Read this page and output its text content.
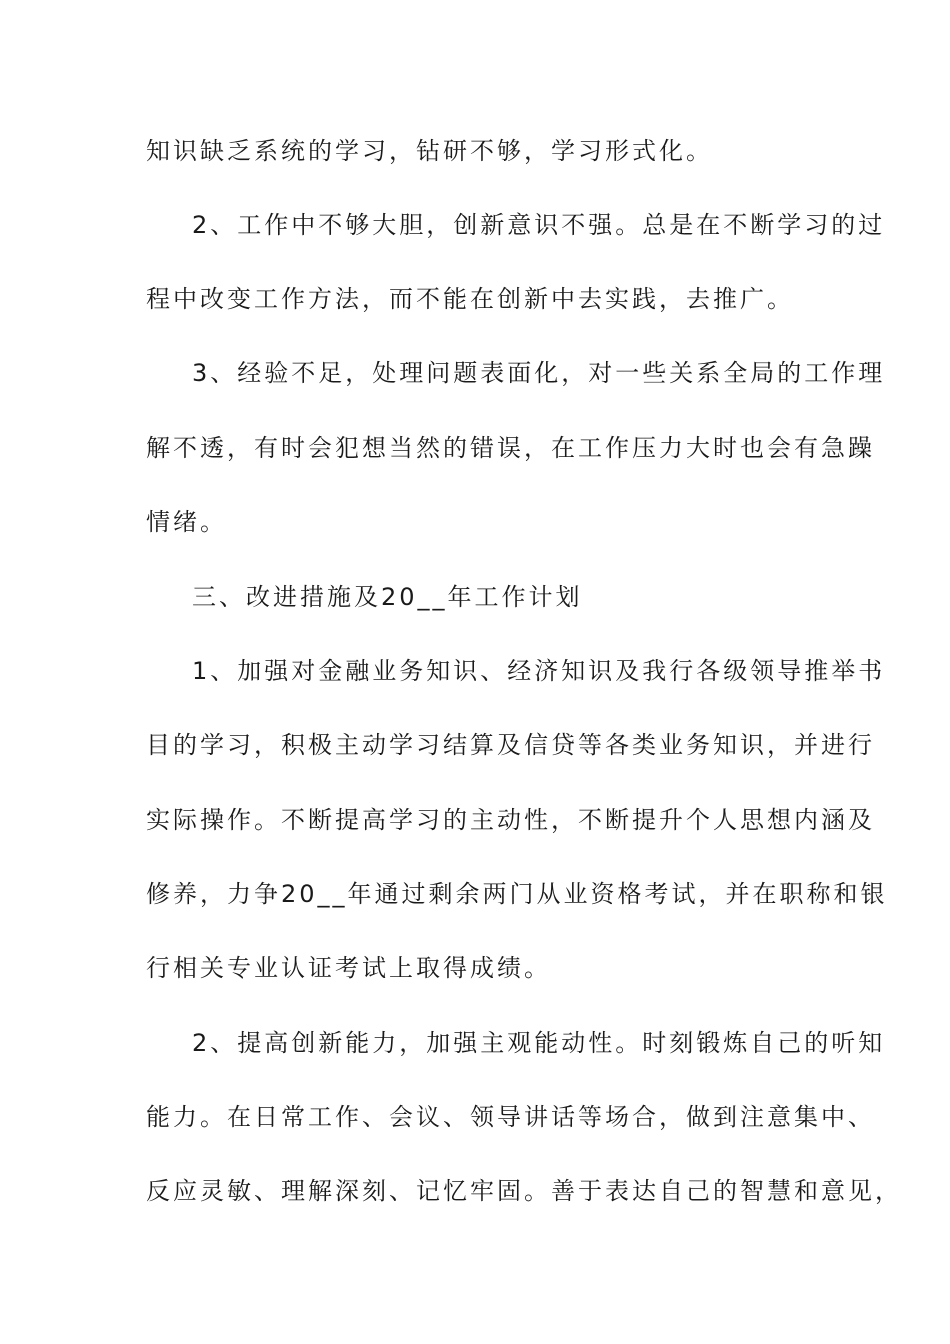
知识缺乏系统的学习，钻研不够，学习形式化。
2、工作中不够大胆，创新意识不强。总是在不断学习的过
程中改变工作方法，而不能在创新中去实践，去推广。
3、经验不足，处理问题表面化，对一些关系全局的工作理
解不透，有时会犯想当然的错误，在工作压力大时也会有急躁
情绪。
三、改进措施及20__年工作计划
1、加强对金融业务知识、经济知识及我行各级领导推举书
目的学习，积极主动学习结算及信贷等各类业务知识，并进行
实际操作。不断提高学习的主动性，不断提升个人思想内涵及
修养，力争20__年通过剩余两门从业资格考试，并在职称和银
行相关专业认证考试上取得成绩。
2、提高创新能力，加强主观能动性。时刻锻炼自己的听知
能力。在日常工作、会议、领导讲话等场合，做到注意集中、
反应灵敏、理解深刻、记忆牢固。善于表达自己的智慧和意见，
